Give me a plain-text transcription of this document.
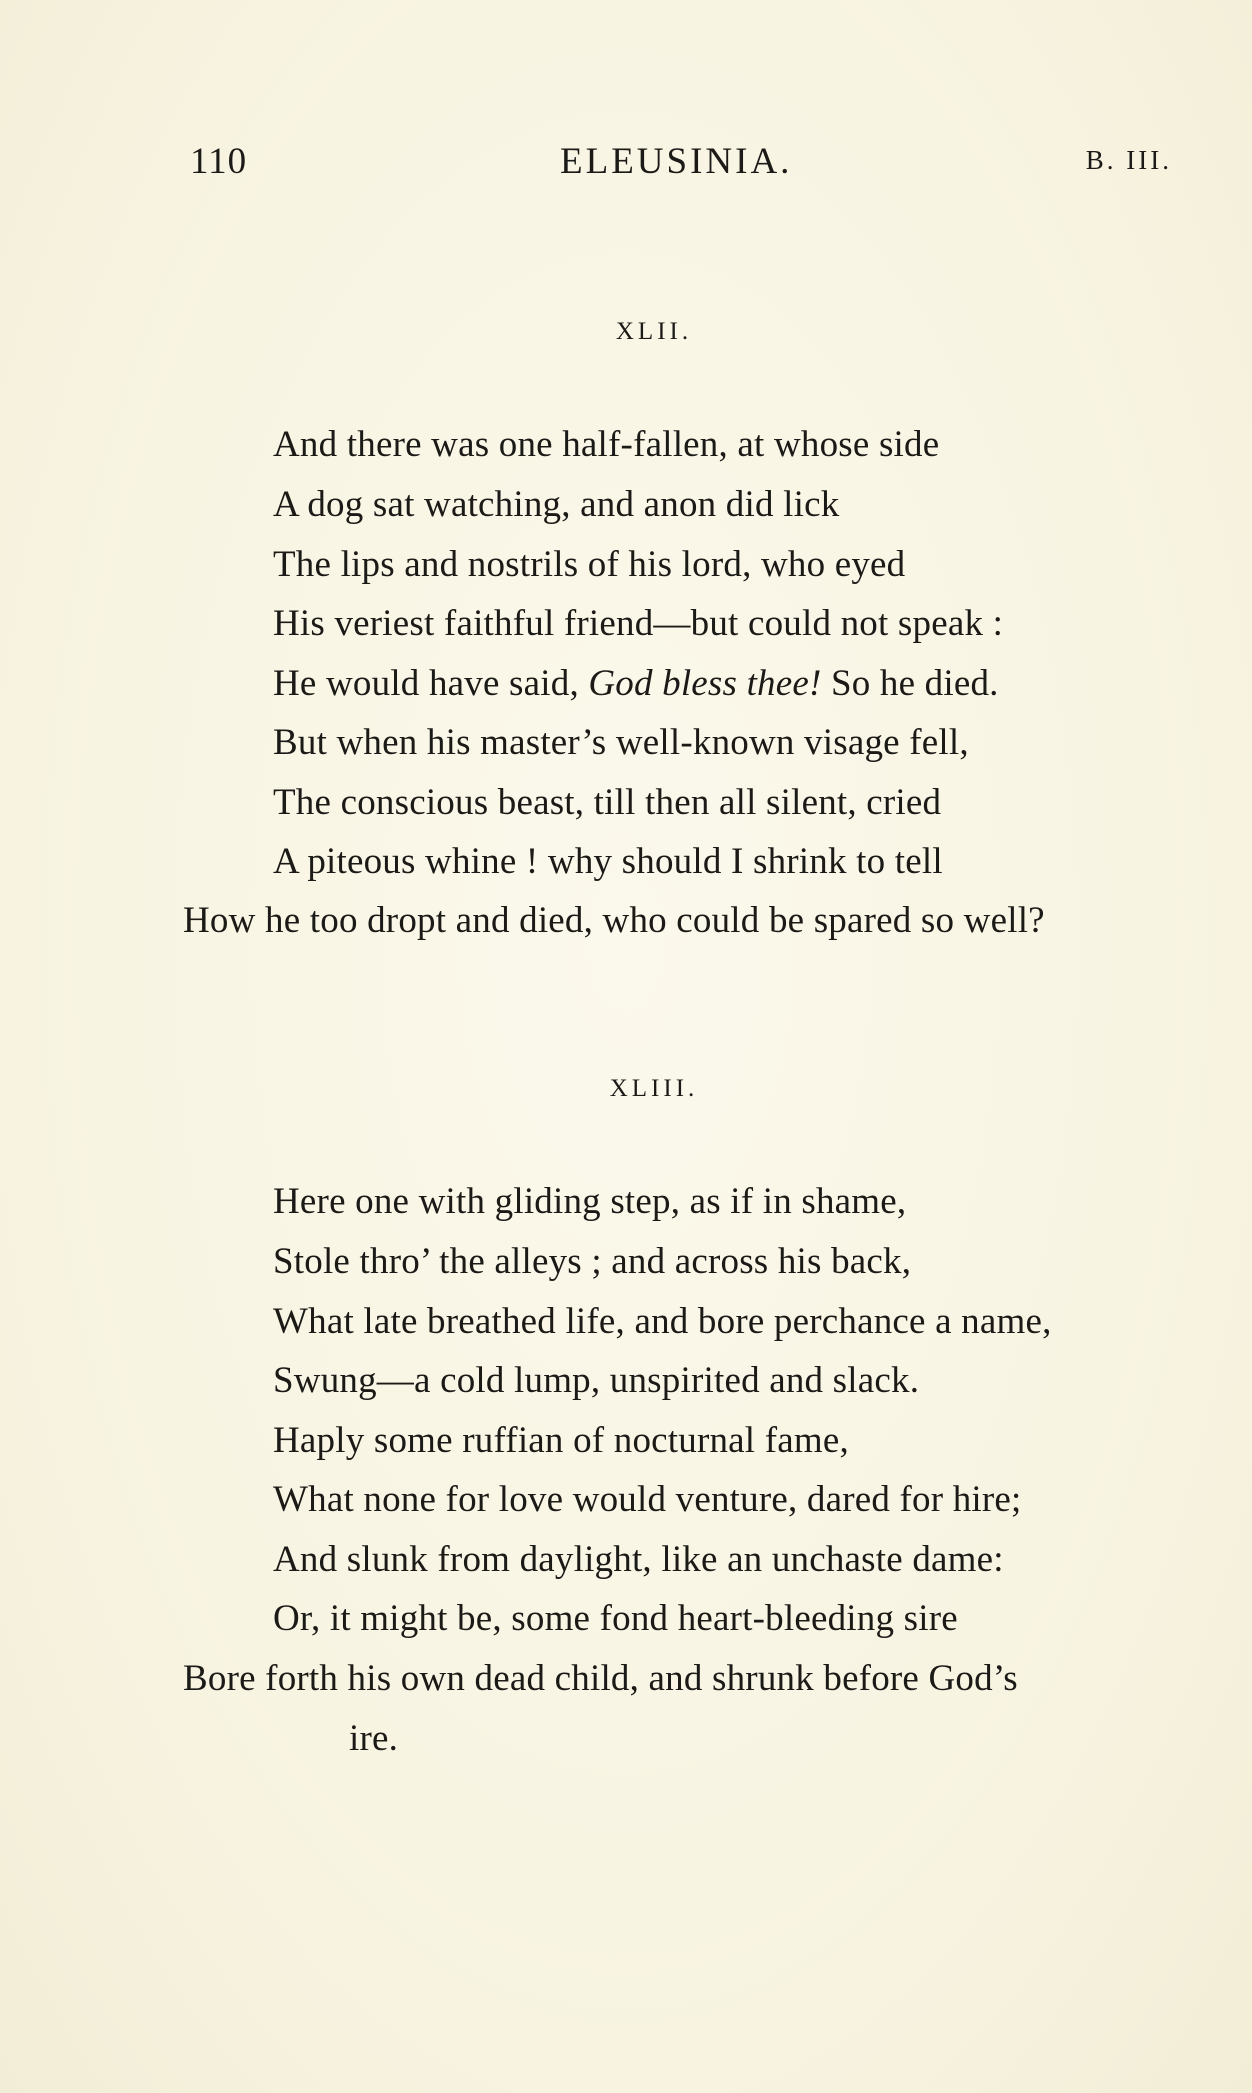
110	ELEUSINIA.	B. III.
XLII.
And there was one half-fallen, at whose side
A dog sat watching, and anon did lick
The lips and nostrils of his lord, who eyed
His veriest faithful friend—but could not speak :
He would have said, God bless thee! So he died.
But when his master’s well-known visage fell,
The conscious beast, till then all silent, cried
A piteous whine ! why should I shrink to tell
How he too dropt and died, who could be spared so well?
XLIII.
Here one with gliding step, as if in shame,
Stole thro’ the alleys ; and across his back,
What late breathed life, and bore perchance a name,
Swung—a cold lump, unspirited and slack.
Haply some ruffian of nocturnal fame,
What none for love would venture, dared for hire;
And slunk from daylight, like an unchaste dame:
Or, it might be, some fond heart-bleeding sire
Bore forth his own dead child, and shrunk before God’s
ire.
